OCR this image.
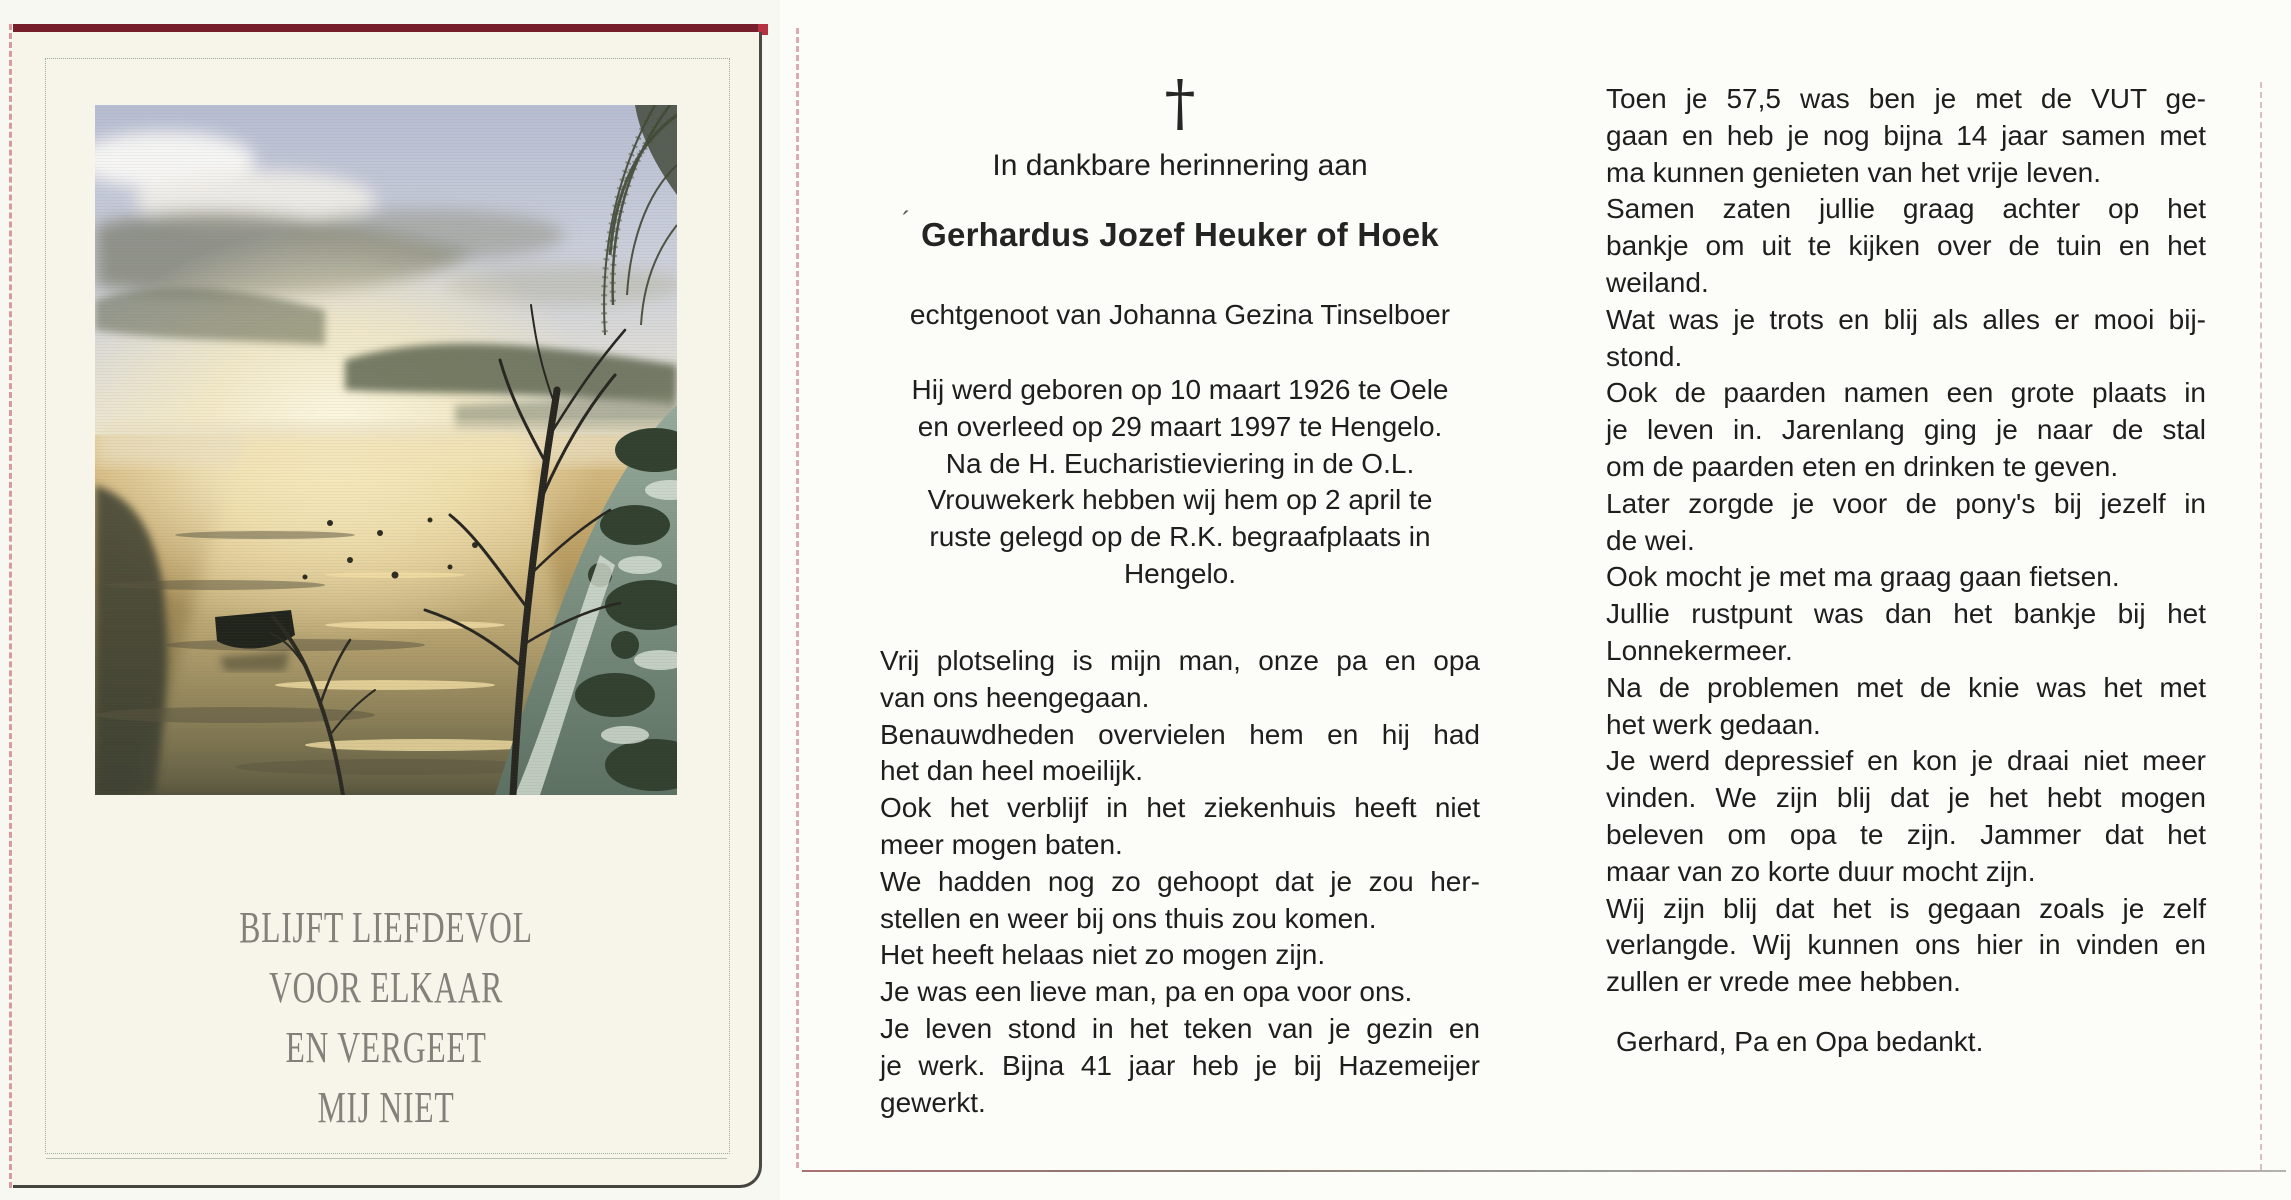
BLIJFT LIEFDEVOL
VOOR ELKAAR
EN VERGEET
MIJ NIET
†
In dankbare herinnering aan
´ Gerhardus Jozef Heuker of Hoek
echtgenoot van Johanna Gezina Tinselboer
Hij werd geboren op 10 maart 1926 te Oele
en overleed op 29 maart 1997 te Hengelo.
Na de H. Eucharistieviering in de O.L.
Vrouwekerk hebben wij hem op 2 april te
ruste gelegd op de R.K. begraafplaats in
Hengelo.
Vrij plotseling is mijn man, onze pa en opa
van ons heengegaan.
Benauwdheden overvielen hem en hij had
het dan heel moeilijk.
Ook het verblijf in het ziekenhuis heeft niet
meer mogen baten.
We hadden nog zo gehoopt dat je zou her-
stellen en weer bij ons thuis zou komen.
Het heeft helaas niet zo mogen zijn.
Je was een lieve man, pa en opa voor ons.
Je leven stond in het teken van je gezin en
je werk. Bijna 41 jaar heb je bij Hazemeijer
gewerkt.
Toen je 57,5 was ben je met de VUT ge-
gaan en heb je nog bijna 14 jaar samen met
ma kunnen genieten van het vrije leven.
Samen zaten jullie graag achter op het
bankje om uit te kijken over de tuin en het
weiland.
Wat was je trots en blij als alles er mooi bij-
stond.
Ook de paarden namen een grote plaats in
je leven in. Jarenlang ging je naar de stal
om de paarden eten en drinken te geven.
Later zorgde je voor de pony's bij jezelf in
de wei.
Ook mocht je met ma graag gaan fietsen.
Jullie rustpunt was dan het bankje bij het
Lonnekermeer.
Na de problemen met de knie was het met
het werk gedaan.
Je werd depressief en kon je draai niet meer
vinden. We zijn blij dat je het hebt mogen
beleven om opa te zijn. Jammer dat het
maar van zo korte duur mocht zijn.
Wij zijn blij dat het is gegaan zoals je zelf
verlangde. Wij kunnen ons hier in vinden en
zullen er vrede mee hebben.
Gerhard, Pa en Opa bedankt.
